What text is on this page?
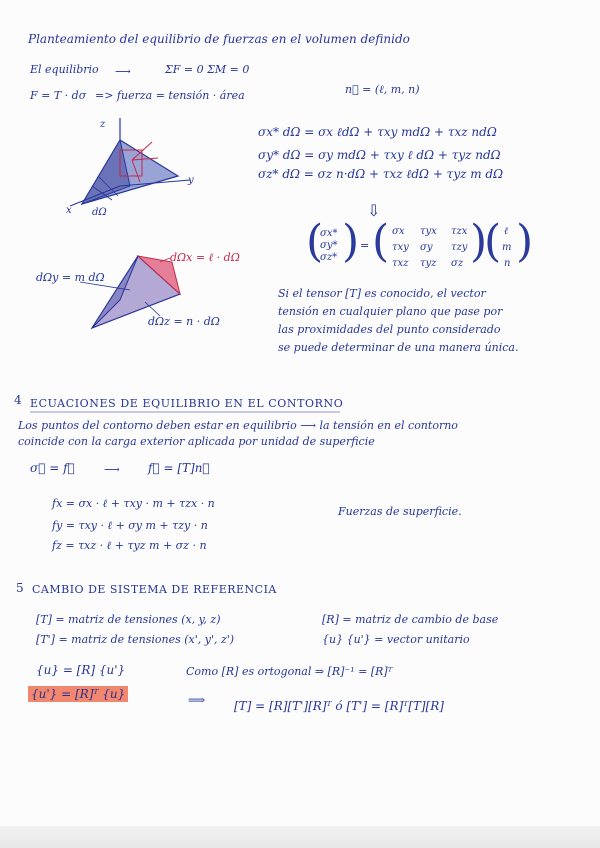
Planteamiento del equilibrio de fuerzas en el volumen definido
El equilibrio ⟶	ΣF = 0 ΣM = 0
F = T · dσ => fuerza = tensión · área	n⃗ = (ℓ, m, n)
z
x
y
dΩ
σx* dΩ = σx ℓdΩ + τxy mdΩ + τxz ndΩ
σy* dΩ = σy mdΩ + τxy ℓ dΩ + τyz ndΩ
σz* dΩ = σz n·dΩ + τxz ℓdΩ + τyz m dΩ
dΩx = ℓ · dΩ
dΩy = m dΩ
dΩz = n · dΩ
⇩
(
σx*
σy*
σz* ) = ( σx τyx τzx
τxy σy τzy
τxz τyz σz )
( ℓ
m
n )
Si el tensor [T] es conocido, el vector
tensión en cualquier plano que pase por
las proximidades del punto considerado
se puede determinar de una manera única.
4 ECUACIONES DE EQUILIBRIO EN EL CONTORNO
Los puntos del contorno deben estar en equilibrio ⟶ la tensión en el contorno
coincide con la carga exterior aplicada por unidad de superficie
σ⃗ = f⃗	⟶ f⃗ = [T]n⃗
fx = σx · ℓ + τxy · m + τzx · n
fy = τxy · ℓ + σy m + τzy · n
fz = τxz · ℓ + τyz m + σz · n
Fuerzas de superficie.
5 CAMBIO DE SISTEMA DE REFERENCIA
[T] = matriz de tensiones (x, y, z)
[T'] = matriz de tensiones (x', y', z')
[R] = matriz de cambio de base
{u} {u'} = vector unitario
{u} = [R] {u'}	Como [R] es ortogonal ⇒ [R]⁻¹ = [R]ᵀ
{u'} = [R]ᵀ {u}	⟹ [T] = [R][T'][R]ᵀ ó [T'] = [R]ᵀ[T][R]
